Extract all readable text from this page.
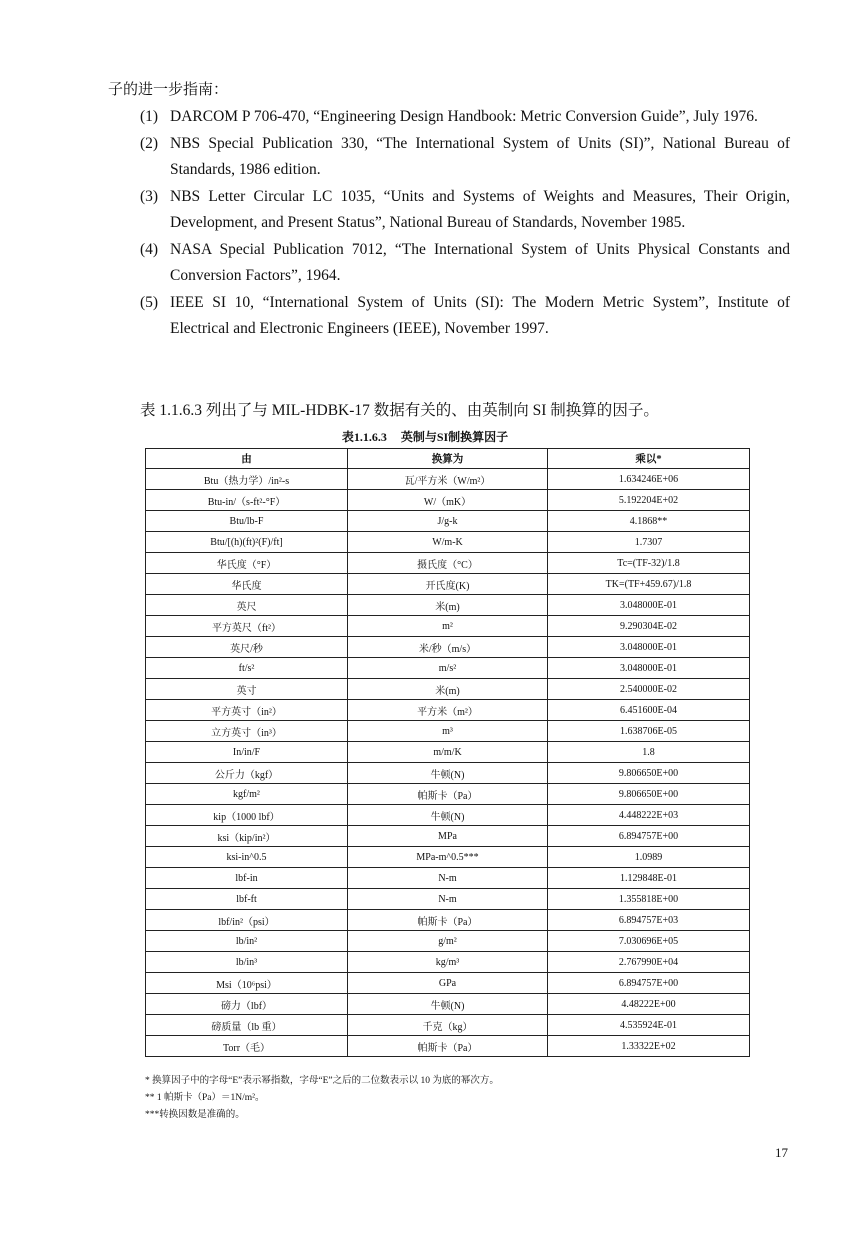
子的进一步指南：
(1) DARCOM P 706-470, “Engineering Design Handbook: Metric Conversion Guide”, July 1976.
(2) NBS Special Publication 330, “The International System of Units (SI)”, National Bureau of Standards, 1986 edition.
(3) NBS Letter Circular LC 1035, “Units and Systems of Weights and Measures, Their Origin, Development, and Present Status”, National Bureau of Standards, November 1985.
(4) NASA Special Publication 7012, “The International System of Units Physical Constants and Conversion Factors”, 1964.
(5) IEEE SI 10, “International System of Units (SI): The Modern Metric System”, Institute of Electrical and Electronic Engineers (IEEE), November 1997.
表 1.1.6.3 列出了与 MIL-HDBK-17 数据有关的、由英制向 SI 制换算的因子。
表1.1.6.3 英制与SI制换算因子
由	换算为	乘以*
Btu（热力学）/in²-s	瓦/平方米（W/m²）	1.634246E+06
Btu-in/（s-ft²-°F）	W/（mK）	5.192204E+02
Btu/lb-F	J/g-k	4.1868**
Btu/[(h)(ft)²(F)/ft]	W/m-K	1.7307
华氏度（°F）	摄氏度（°C）	Tc=(TF-32)/1.8
华氏度	开氏度(K)	TK=(TF+459.67)/1.8
英尺	米(m)	3.048000E-01
平方英尺（ft²）	m²	9.290304E-02
英尺/秒	米/秒（m/s）	3.048000E-01
ft/s²	m/s²	3.048000E-01
英寸	米(m)	2.540000E-02
平方英寸（in²）	平方米（m²）	6.451600E-04
立方英寸（in³）	m³	1.638706E-05
In/in/F	m/m/K	1.8
公斤力（kgf）	牛顿(N)	9.806650E+00
kgf/m²	帕斯卡（Pa）	9.806650E+00
kip（1000 lbf）	牛顿(N)	4.448222E+03
ksi（kip/in²）	MPa	6.894757E+00
ksi-in^0.5	MPa-m^0.5***	1.0989
lbf-in	N-m	1.129848E-01
lbf-ft	N-m	1.355818E+00
lbf/in²（psi）	帕斯卡（Pa）	6.894757E+03
lb/in²	g/m²	7.030696E+05
lb/in³	kg/m³	2.767990E+04
Msi（10⁶psi）	GPa	6.894757E+00
磅力（lbf）	牛顿(N)	4.48222E+00
磅质量（lb 重）	千克（kg）	4.535924E-01
Torr（毛）	帕斯卡（Pa）	1.33322E+02
* 换算因子中的字母“E”表示幂指数，字母“E”之后的二位数表示以 10 为底的幂次方。
** 1 帕斯卡（Pa）＝1N/m²。
***转换因数是准确的。
17
